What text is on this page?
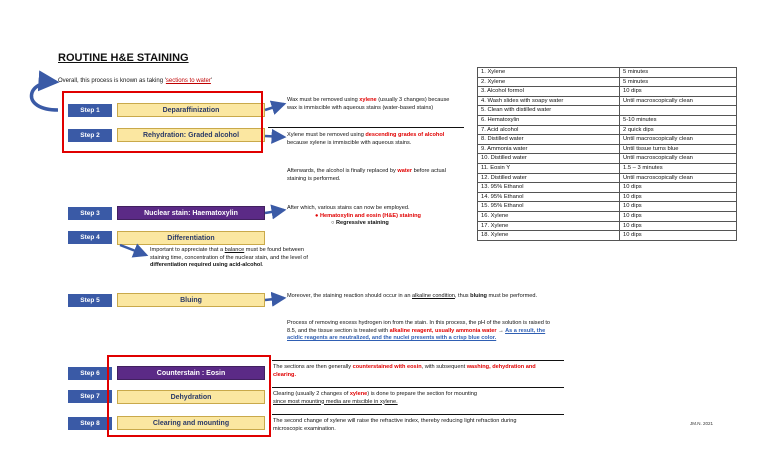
ROUTINE H&E STAINING
Overall, this process is known as taking 'sections to water'
Step 1	Deparaffinization
Step 2	Rehydration: Graded alcohol
Step 3	Nuclear stain: Haematoxylin
Step 4	Differentiation
Step 5	Bluing
Step 6	Counterstain : Eosin
Step 7	Dehydration
Step 8	Clearing and mounting
Wax must be removed using xylene (usually 3 changes) because wax is immiscible with aqueous stains (water-based stains)
Xylene must be removed using descending grades of alcohol because xylene is immiscible with aqueous stains.
Afterwards, the alcohol is finally replaced by water before actual staining is performed.
After which, various stains can now be employed.
● Hematoxylin and eosin (H&E) staining
○ Regressive staining
Important to appreciate that a balance must be found between staining time, concentration of the nuclear stain, and the level of differentiation required using acid-alcohol.
Moreover, the staining reaction should occur in an alkaline condition, thus bluing must be performed.
Process of removing excess hydrogen ion from the stain. In this process, the pH of the solution is raised to 8.5, and the tissue section is treated with alkaline reagent, usually ammonia water → As a result, the acidic reagents are neutralized, and the nuclei presents with a crisp blue color.
The sections are then generally counterstained with eosin, with subsequent washing, dehydration and clearing.
Clearing (usually 2 changes of xylene) is done to prepare the section for mounting since most mounting media are miscible in xylene.
The second change of xylene will raise the refractive index, thereby reducing light refraction during microscopic examination.
JM.N. 2021
1. Xylene	5 minutes
2. Xylene	5 minutes
3. Alcohol formol	10 dips
4. Wash slides with soapy water	Until macroscopically clean
5. Clean with distilled water	
6. Hematoxylin	5-10 minutes
7. Acid alcohol	2 quick dips
8. Distilled water	Until macroscopically clean
9. Ammonia water	Until tissue turns blue
10. Distilled water	Until macroscopically clean
11. Eosin Y	1.5 – 3 minutes
12. Distilled water	Until macroscopically clean
13. 95% Ethanol	10 dips
14. 95% Ethanol	10 dips
15. 95% Ethanol	10 dips
16. Xylene	10 dips
17. Xylene	10 dips
18. Xylene	10 dips
